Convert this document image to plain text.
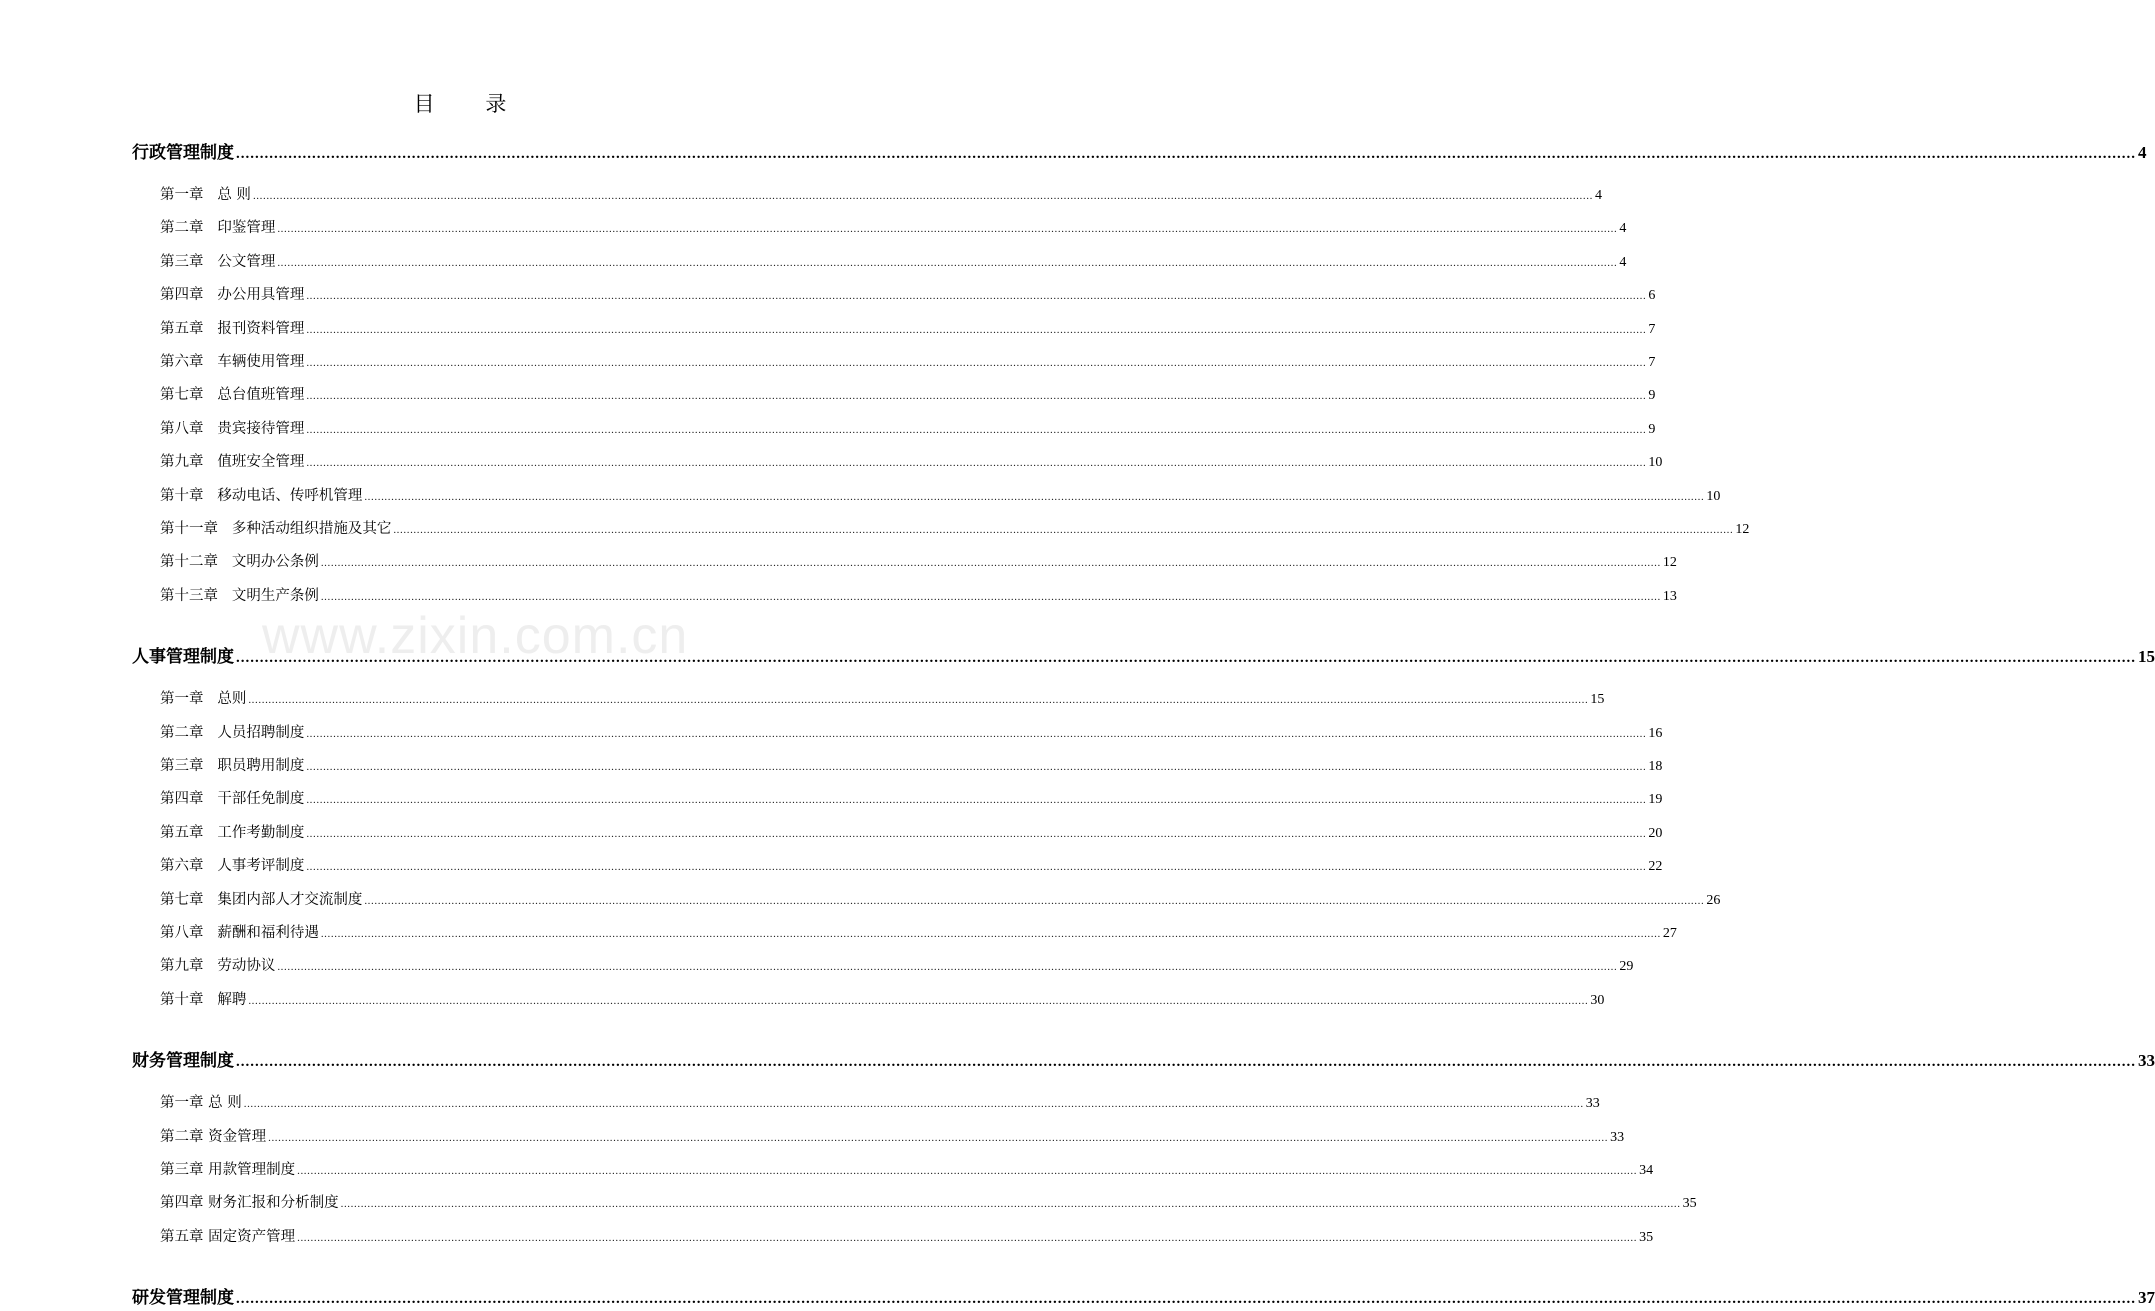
目 录
www.zixin.com.cn
行政管理制度 ................................................................................................................................................................................................................................................................................................................................................................................................................ 4
第一章   总 则 ................................................................................................................................................................................................................................................................................................................................................................................................................ 4
第二章   印鉴管理 ................................................................................................................................................................................................................................................................................................................................................................................................................ 4
第三章   公文管理 ................................................................................................................................................................................................................................................................................................................................................................................................................ 4
第四章   办公用具管理 ................................................................................................................................................................................................................................................................................................................................................................................................................ 6
第五章   报刊资料管理 ................................................................................................................................................................................................................................................................................................................................................................................................................ 7
第六章   车辆使用管理 ................................................................................................................................................................................................................................................................................................................................................................................................................ 7
第七章   总台值班管理 ................................................................................................................................................................................................................................................................................................................................................................................................................ 9
第八章   贵宾接待管理 ................................................................................................................................................................................................................................................................................................................................................................................................................ 9
第九章   值班安全管理 ................................................................................................................................................................................................................................................................................................................................................................................................................ 10
第十章   移动电话、传呼机管理 ................................................................................................................................................................................................................................................................................................................................................................................................................ 10
第十一章   多种活动组织措施及其它 ................................................................................................................................................................................................................................................................................................................................................................................................................ 12
第十二章   文明办公条例 ................................................................................................................................................................................................................................................................................................................................................................................................................ 12
第十三章   文明生产条例 ................................................................................................................................................................................................................................................................................................................................................................................................................ 13
人事管理制度 ................................................................................................................................................................................................................................................................................................................................................................................................................ 15
第一章   总则 ................................................................................................................................................................................................................................................................................................................................................................................................................ 15
第二章   人员招聘制度 ................................................................................................................................................................................................................................................................................................................................................................................................................ 16
第三章   职员聘用制度 ................................................................................................................................................................................................................................................................................................................................................................................................................ 18
第四章   干部任免制度 ................................................................................................................................................................................................................................................................................................................................................................................................................ 19
第五章   工作考勤制度 ................................................................................................................................................................................................................................................................................................................................................................................................................ 20
第六章   人事考评制度 ................................................................................................................................................................................................................................................................................................................................................................................................................ 22
第七章   集团内部人才交流制度 ................................................................................................................................................................................................................................................................................................................................................................................................................ 26
第八章   薪酬和福利待遇 ................................................................................................................................................................................................................................................................................................................................................................................................................ 27
第九章   劳动协议 ................................................................................................................................................................................................................................................................................................................................................................................................................ 29
第十章   解聘 ................................................................................................................................................................................................................................................................................................................................................................................................................ 30
财务管理制度 ................................................................................................................................................................................................................................................................................................................................................................................................................ 33
第一章 总 则 ................................................................................................................................................................................................................................................................................................................................................................................................................ 33
第二章 资金管理 ................................................................................................................................................................................................................................................................................................................................................................................................................ 33
第三章 用款管理制度 ................................................................................................................................................................................................................................................................................................................................................................................................................ 34
第四章 财务汇报和分析制度 ................................................................................................................................................................................................................................................................................................................................................................................................................ 35
第五章 固定资产管理 ................................................................................................................................................................................................................................................................................................................................................................................................................ 35
研发管理制度 ................................................................................................................................................................................................................................................................................................................................................................................................................ 37
